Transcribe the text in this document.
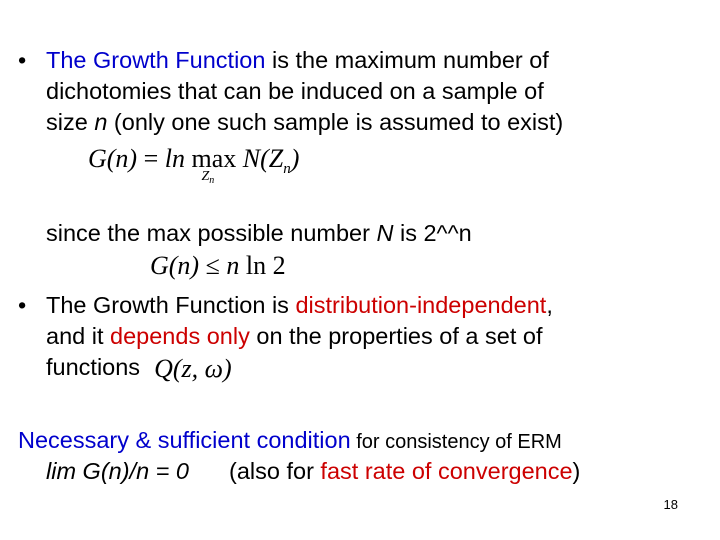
• The Growth Function is the maximum number of
dichotomies that can be induced on a sample of
size n (only one such sample is assumed to exist)
G(n) = ln max
$Z_n$
$N(Z_n)$
since the max possible number N is 2^^n
G(n) ≤ n ln 2
• The Growth Function is distribution-independent,
and it depends only on the properties of a set of
functions Q(z, ω)
Necessary & sufficient condition for consistency of ERM
lim G(n)/n = 0 (also for fast rate of convergence)
18
